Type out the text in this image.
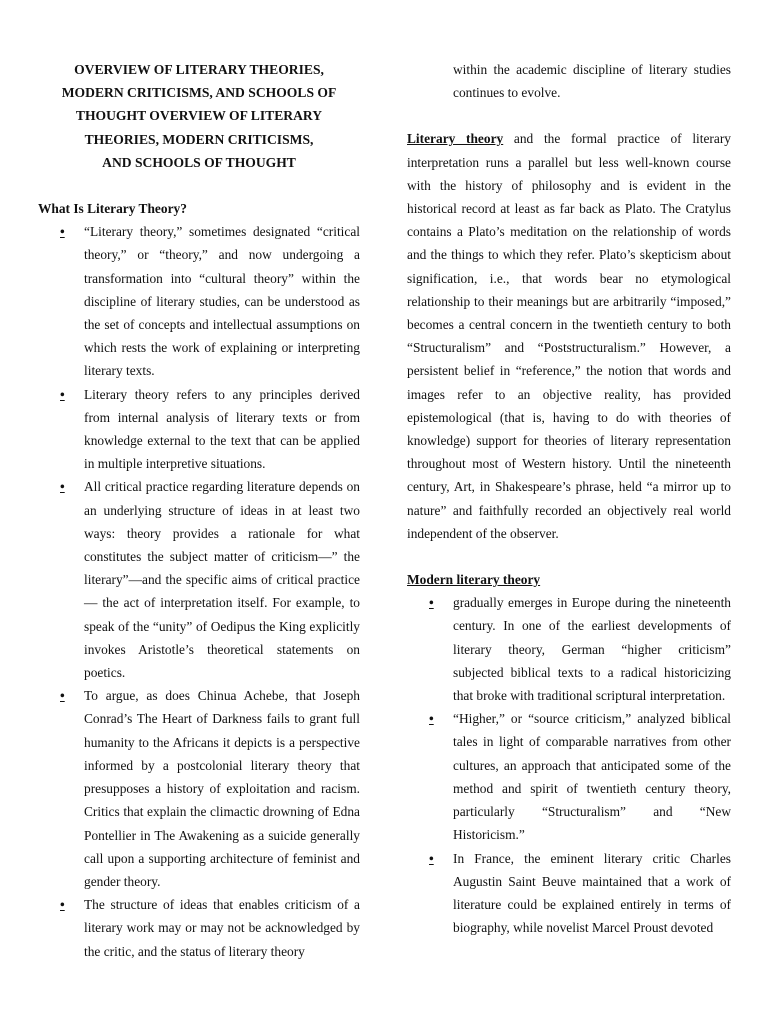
OVERVIEW OF LITERARY THEORIES,

MODERN CRITICISMS, AND SCHOOLS OF

THOUGHT OVERVIEW OF LITERARY

THEORIES, MODERN CRITICISMS,

AND SCHOOLS OF THOUGHT

What Is Literary Theory?

• “Literary theory,” sometimes designated “critical theory,” or “theory,” and now undergoing a transformation into “cultural theory” within the discipline of literary studies, can be understood as the set of concepts and intellectual assumptions on which rests the work of explaining or interpreting literary texts.
• Literary theory refers to any principles derived from internal analysis of literary texts or from knowledge external to the text that can be applied in multiple interpretive situations.
• All critical practice regarding literature depends on an underlying structure of ideas in at least two ways: theory provides a rationale for what constitutes the subject matter of criticism—” the literary”—and the specific aims of critical practice— the act of interpretation itself. For example, to speak of the “unity” of Oedipus the King explicitly invokes Aristotle’s theoretical statements on poetics.
• To argue, as does Chinua Achebe, that Joseph Conrad’s The Heart of Darkness fails to grant full humanity to the Africans it depicts is a perspective informed by a postcolonial literary theory that presupposes a history of exploitation and racism. Critics that explain the climactic drowning of Edna Pontellier in The Awakening as a suicide generally call upon a supporting architecture of feminist and gender theory.
• The structure of ideas that enables criticism of a literary work may or may not be acknowledged by the critic, and the status of literary theory
within the academic discipline of literary studies continues to evolve.

Literary theory and the formal practice of literary interpretation runs a parallel but less well-known course with the history of philosophy and is evident in the historical record at least as far back as Plato. The Cratylus contains a Plato’s meditation on the relationship of words and the things to which they refer. Plato’s skepticism about signification, i.e., that words bear no etymological relationship to their meanings but are arbitrarily “imposed,” becomes a central concern in the twentieth century to both “Structuralism” and “Poststructuralism.” However, a persistent belief in “reference,” the notion that words and images refer to an objective reality, has provided epistemological (that is, having to do with theories of knowledge) support for theories of literary representation throughout most of Western history. Until the nineteenth century, Art, in Shakespeare’s phrase, held “a mirror up to nature” and faithfully recorded an objectively real world independent of the observer.

Modern literary theory

• gradually emerges in Europe during the nineteenth century. In one of the earliest developments of literary theory, German “higher criticism” subjected biblical texts to a radical historicizing that broke with traditional scriptural interpretation.
• “Higher,” or “source criticism,” analyzed biblical tales in light of comparable narratives from other cultures, an approach that anticipated some of the method and spirit of twentieth century theory, particularly “Structuralism” and “New Historicism.”
• In France, the eminent literary critic Charles Augustin Saint Beuve maintained that a work of literature could be explained entirely in terms of biography, while novelist Marcel Proust devoted
